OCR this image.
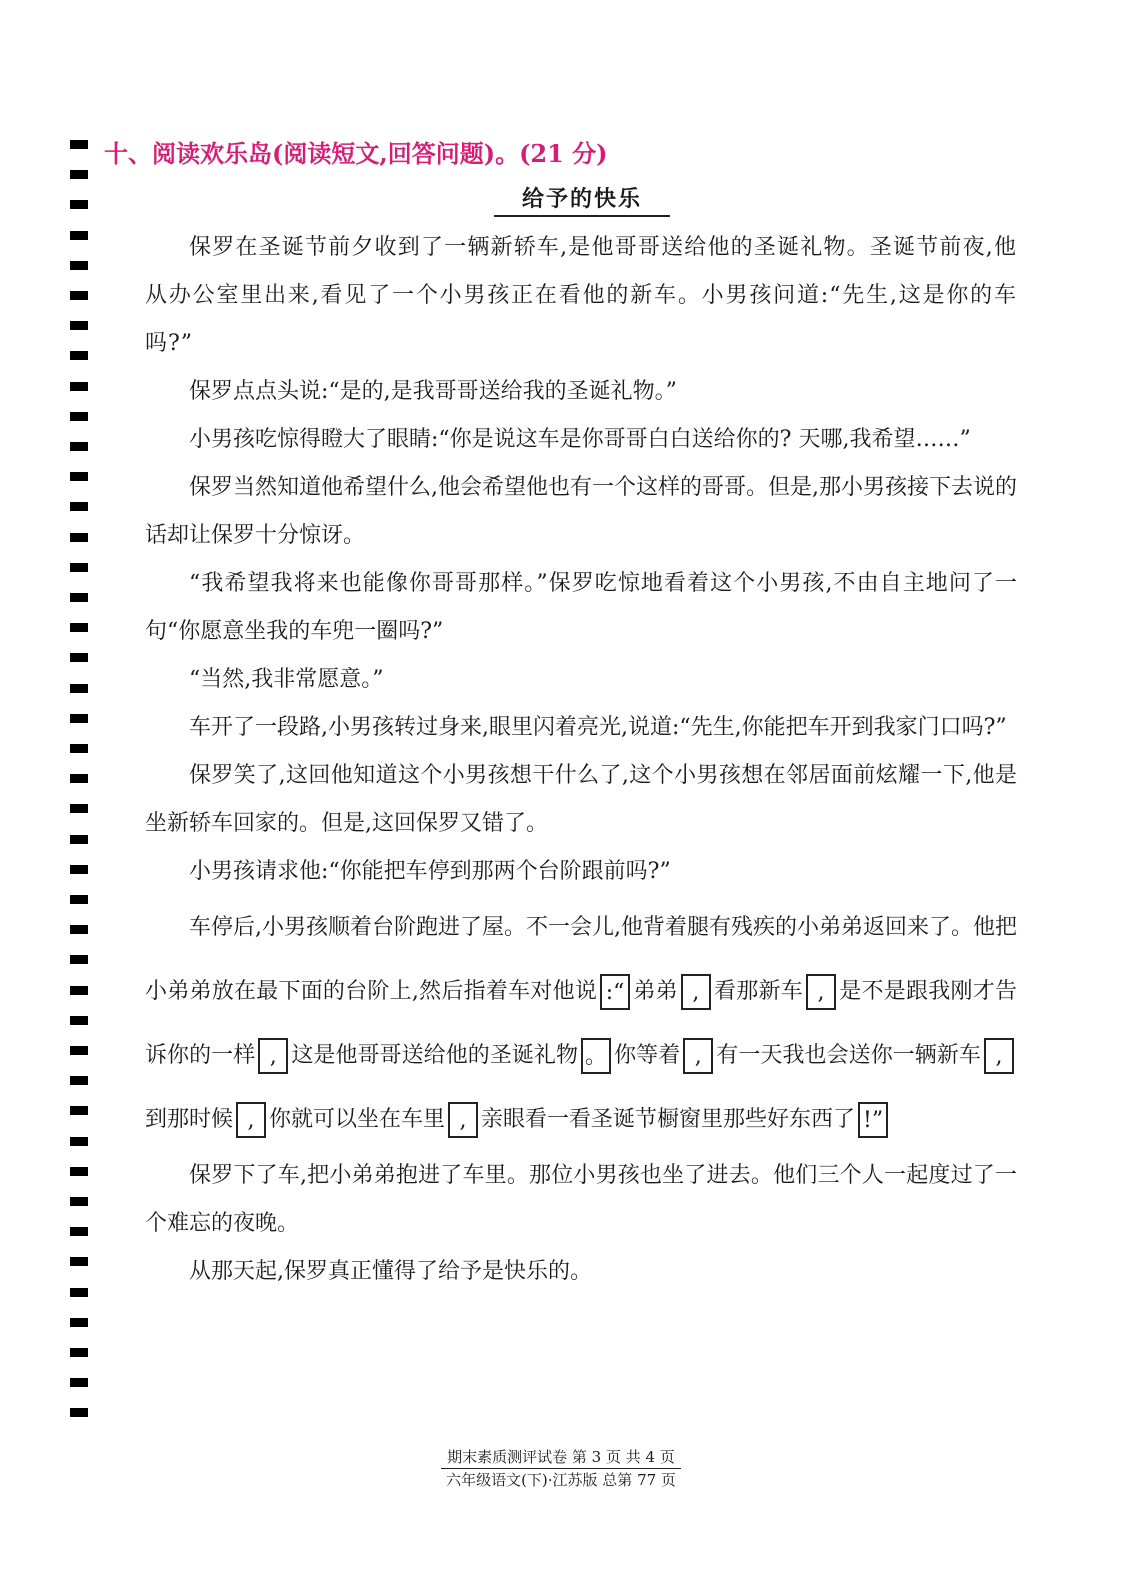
十、阅读欢乐岛(阅读短文,回答问题)。(21 分)
给予的快乐

保罗在圣诞节前夕收到了一辆新轿车,是他哥哥送给他的圣诞礼物。圣诞节前夜,他从办公室里出来,看见了一个小男孩正在看他的新车。小男孩问道:“先生,这是你的车吗?”

保罗点点头说:“是的,是我哥哥送给我的圣诞礼物。”

小男孩吃惊得瞪大了眼睛:“你是说这车是你哥哥白白送给你的? 天哪,我希望……”

保罗当然知道他希望什么,他会希望他也有一个这样的哥哥。但是,那小男孩接下去说的话却让保罗十分惊讶。

“我希望我将来也能像你哥哥那样。”保罗吃惊地看着这个小男孩,不由自主地问了一句“你愿意坐我的车兜一圈吗?”

“当然,我非常愿意。”

车开了一段路,小男孩转过身来,眼里闪着亮光,说道:“先生,你能把车开到我家门口吗?”

保罗笑了,这回他知道这个小男孩想干什么了,这个小男孩想在邻居面前炫耀一下,他是坐新轿车回家的。但是,这回保罗又错了。

小男孩请求他:“你能把车停到那两个台阶跟前吗?”

车停后,小男孩顺着台阶跑进了屋。不一会儿,他背着腿有残疾的小弟弟返回来了。他把小弟弟放在最下面的台阶上,然后指着车对他说 :“ 弟弟 , 看那新车 , 是不是跟我刚才告诉你的一样 , 这是他哥哥送给他的圣诞礼物 。 你等着 , 有一天我也会送你一辆新车 ,到那时候 , 你就可以坐在车里 , 亲眼看一看圣诞节橱窗里那些好东西了 !”

保罗下了车,把小弟弟抱进了车里。那位小男孩也坐了进去。他们三个人一起度过了一个难忘的夜晚。

从那天起,保罗真正懂得了给予是快乐的。

期末素质测评试卷 第 3 页 共 4 页
六年级语文(下)·江苏版 总第 77 页
